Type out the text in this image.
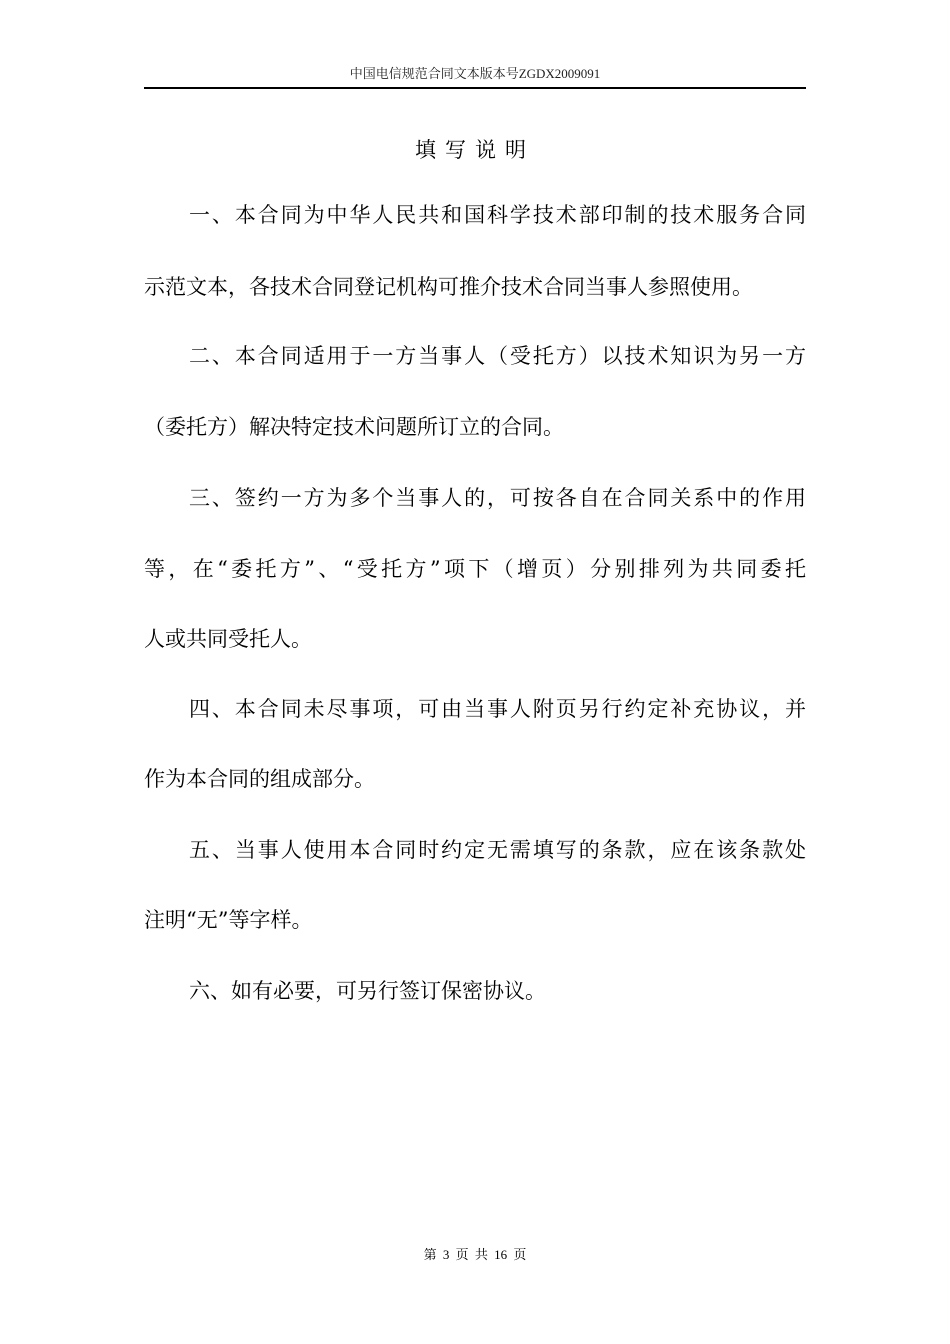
中国电信规范合同文本版本号ZGDX2009091
填写说明
一、本合同为中华人民共和国科学技术部印制的技术服务合同
示范文本，各技术合同登记机构可推介技术合同当事人参照使用。
二、本合同适用于一方当事人（受托方）以技术知识为另一方
（委托方）解决特定技术问题所订立的合同。
三、签约一方为多个当事人的，可按各自在合同关系中的作用
等，在“委托方”、“受托方”项下（增页）分别排列为共同委托
人或共同受托人。
四、本合同未尽事项，可由当事人附页另行约定补充协议，并
作为本合同的组成部分。
五、当事人使用本合同时约定无需填写的条款，应在该条款处
注明“无”等字样。
六、如有必要，可另行签订保密协议。
第 3 页 共 16 页
